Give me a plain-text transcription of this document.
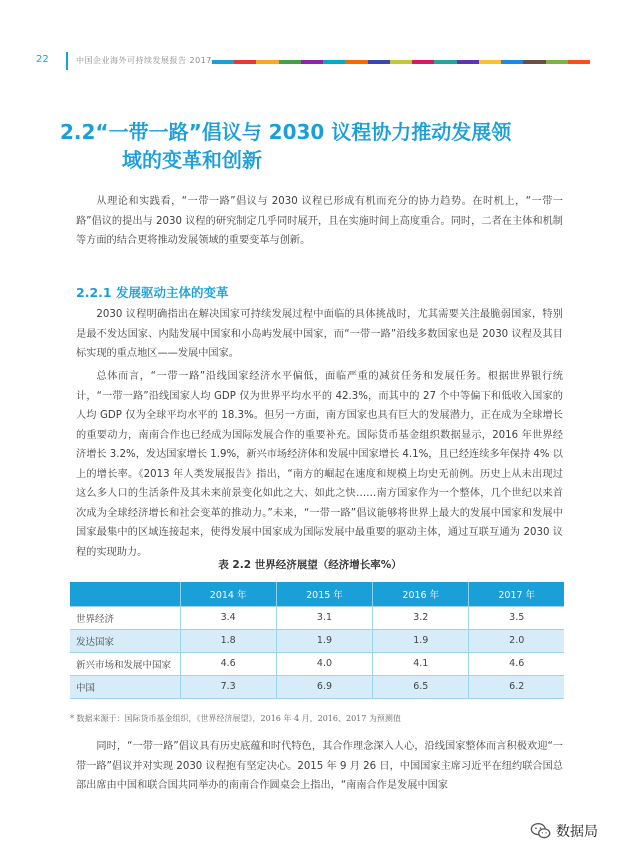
22	中国企业海外可持续发展报告 2017
2.2“一带一路”倡议与 2030 议程协力推动发展领
域的变革和创新

从理论和实践看，“一带一路”倡议与 2030 议程已形成有机而充分的协力趋势。在时机上，“一带一路”倡议的提出与 2030 议程的研究制定几乎同时展开，且在实施时间上高度重合。同时，二者在主体和机制等方面的结合更将推动发展领域的重要变革与创新。

2.2.1 发展驱动主体的变革

2030 议程明确指出在解决国家可持续发展过程中面临的具体挑战时，尤其需要关注最脆弱国家，特别是最不发达国家、内陆发展中国家和小岛屿发展中国家，而“一带一路”沿线多数国家也是 2030 议程及其目标实现的重点地区——发展中国家。

总体而言，“一带一路”沿线国家经济水平偏低，面临严重的减贫任务和发展任务。根据世界银行统计，“一带一路”沿线国家人均 GDP 仅为世界平均水平的 42.3%，而其中的 27 个中等偏下和低收入国家的人均 GDP 仅为全球平均水平的 18.3%。但另一方面，南方国家也具有巨大的发展潜力，正在成为全球增长的重要动力，南南合作也已经成为国际发展合作的重要补充。国际货币基金组织数据显示，2016 年世界经济增长 3.2%，发达国家增长 1.9%，新兴市场经济体和发展中国家增长 4.1%，且已经连续多年保持 4% 以上的增长率。《2013 年人类发展报告》指出，“南方的崛起在速度和规模上均史无前例。历史上从未出现过这么多人口的生活条件及其未来前景变化如此之大、如此之快……南方国家作为一个整体，几个世纪以来首次成为全球经济增长和社会变革的推动力。”未来，“一带一路”倡议能够将世界上最大的发展中国家和发展中国家最集中的区域连接起来，使得发展中国家成为国际发展中最重要的驱动主体，通过互联互通为 2030 议程的实现助力。

表 2.2 世界经济展望（经济增长率%）
	2014 年	2015 年	2016 年	2017 年
世界经济	3.4	3.1	3.2	3.5
发达国家	1.8	1.9	1.9	2.0
新兴市场和发展中国家	4.6	4.0	4.1	4.6
中国	7.3	6.9	6.5	6.2
* 数据来源于：国际货币基金组织，《世界经济展望》，2016 年 4 月，2016、2017 为预测值

同时，“一带一路”倡议具有历史底蕴和时代特色，其合作理念深入人心，沿线国家整体而言积极欢迎“一带一路”倡议并对实现 2030 议程抱有坚定决心。2015 年 9 月 26 日，中国国家主席习近平在纽约联合国总部出席由中国和联合国共同举办的南南合作圆桌会上指出，“南南合作是发展中国家

数据局
